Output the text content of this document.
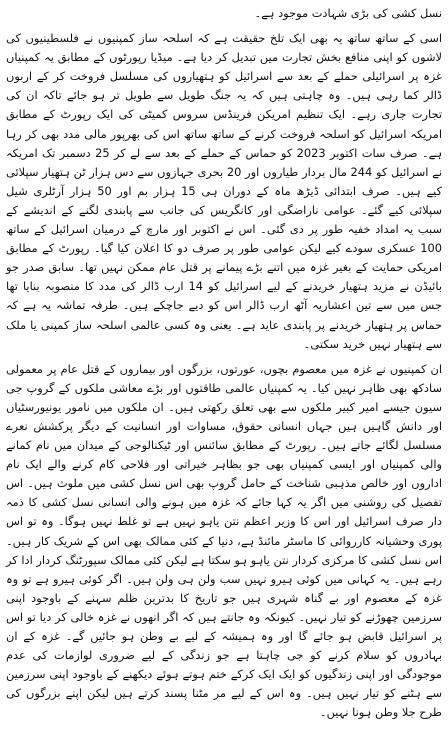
نسل کشی کی بڑی شہادت موجود ہے۔

اسی کے ساتھ ساتھ یہ بھی ایک تلخ حقیقت ہے کہ اسلحہ ساز کمپنیوں نے فلسطینیوں کی لاشوں کو اپنی منافع بخش تجارت میں تبدیل کر دیا ہے۔ میڈیا رپورٹوں کے مطابق یہ کمپنیاں غزہ پر اسرائیلی حملے کے بعد سے اسرائیل کو ہتھیاروں کی مسلسل فروخت کر کے اربوں ڈالر کما رہی ہیں۔ وہ چاہتی ہیں کہ یہ جنگ طویل سے طویل تر ہو جائے تاکہ ان کی تجارت جاری رہے۔ ایک تنظیم امریکن فرینڈس سروس کمیٹی کی ایک رپورٹ کے مطابق امریکہ اسرائیل کو اسلحہ فروخت کرنے کے ساتھ ساتھ اس کی بھرپور مالی مدد بھی کر رہا ہے۔ صرف سات اکتوبر 2023 کو حماس کے حملے کے بعد سے لے کر 25 دسمبر تک امریکہ نے اسرائیل کو 244 مال بردار طیاروں اور 20 بحری جہازوں سے دس ہزار ٹن ہتھیار سپلائی کیے ہیں۔ صرف ابتدائی ڈیڑھ ماہ کے دوران ہی 15 ہزار بم اور 50 ہزار آرٹلری شیل سپلائی کیے گئے۔ عوامی ناراضگی اور کانگریس کی جانب سے پابندی لگنے کے اندیشے کے سبب یہ امداد خفیہ طور پر دی گئی۔ اس نے اکتوبر اور مارچ کے درمیان اسرائیل کے ساتھ 100 عسکری سودے کیے لیکن عوامی طور پر صرف دو کا اعلان کیا گیا۔ رپورٹ کے مطابق امریکی حمایت کے بغیر غزہ میں اتنے بڑے پیمانے پر قتل عام ممکن نہیں تھا۔ سابق صدر جو بائیڈن نے مزید ہتھیار خریدنے کے لیے اسرائیل کو 14 ارب ڈالر کی مدد کا منصوبہ بنایا تھا جس میں سے تین اعشاریہ آٹھ ارب ڈالر اس کو دیے جاچکے ہیں۔ طرفہ تماشہ یہ ہے کہ حماس پر ہتھیار خریدنے پر پابندی عاید ہے۔ یعنی وہ کسی عالمی اسلحہ ساز کمپنی یا ملک سے ہتھیار نہیں خرید سکتی۔

ان کمپنیوں نے غزہ میں معصوم بچوں، عورتوں، بزرگوں اور بیماروں کے قتل عام پر معمولی سادکھ بھی ظاہر نہیں کیا۔ یہ کمپنیاں عالمی طاقتوں اور بڑے معاشی ملکوں کے گروپ جی سیون جیسے امیر کبیر ملکوں سے بھی تعلق رکھتی ہیں۔ ان ملکوں میں نامور یونیورسٹیاں اور دانش گاہیں ہیں جہاں انسانی حقوق، مساوات اور انسانیت کے دیگر پرکشش نعرے مسلسل لگائے جاتے ہیں۔ رپورٹ کے مطابق سائنس اور ٹیکنالوجی کے میدان میں نام کمانے والی کمپنیاں اور ایسی کمپنیاں بھی جو بظاہر خیراتی اور فلاحی کام کرنے والے ایک نام اداروں اور خالص مذہبی شناخت کے حامل گروپ بھی اس نسل کشی میں ملوث ہیں۔ اس تفصیل کی روشنی میں اگر یہ کہا جائے کہ غزہ میں ہونے والی انسانی نسل کشی کا ذمہ دار صرف اسرائیل اور اس کا وزیر اعظم نتن یاہو نہیں ہے تو غلط نہیں ہوگا۔ وہ تو اس پوری وحشیانہ کارروائی کا ماسٹر مائنڈ ہے، دنیا کے کئی ممالک بھی اس کے شریک کار ہیں۔ اس نسل کشی کا مرکزی کردار نتن یاہو ہو سکتا ہے لیکن کئی ممالک سپورٹنگ کردار ادا کر رہے ہیں۔ یہ کہانی میں کوئی ہیرو نہیں سب ولن ہی ولن ہیں۔ اگر کوئی ہیرو ہے تو وہ غزہ کے معصوم اور بے گناہ شہری ہیں جو تاریخ کا بدترین ظلم سہنے کے باوجود اپنی سرزمین چھوڑنے کو تیار نہیں۔ کیونکہ وہ جانتے ہیں کہ اگر انھوں نے غزہ خالی کر دیا تو اس پر اسرائیل قابض ہو جائے گا اور وہ ہمیشہ کے لیے بے وطن ہو جائیں گے۔ غزہ کے ان بہادروں کو سلام کرنے کو جی چاہتا ہے جو زندگی کے لیے ضروری لوازمات کی عدم موجودگی اور اپنی زندگیوں کو ایک ایک کرکے ختم ہوتے ہوئے دیکھنے کے باوجود اپنی سرزمین سے ہٹنے کو تیار نہیں ہیں۔ وہ اس کے لیے مر مٹنا پسند کرتے ہیں لیکن اپنے بزرگوں کی طرح جلا وطن ہونا نہیں۔
